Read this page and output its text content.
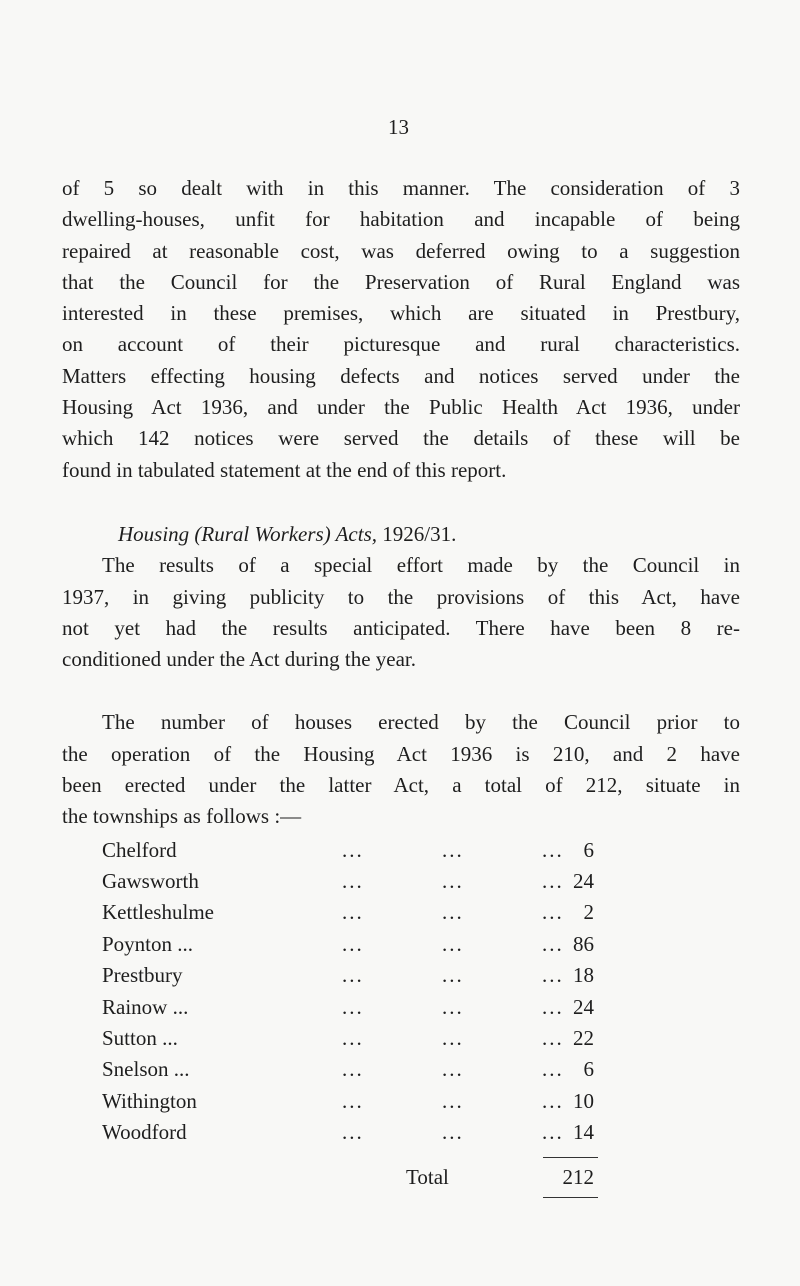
13
of 5 so dealt with in this manner. The consideration of 3
dwelling-houses, unfit for habitation and incapable of being
repaired at reasonable cost, was deferred owing to a suggestion
that the Council for the Preservation of Rural England was
interested in these premises, which are situated in Prestbury,
on account of their picturesque and rural characteristics.
Matters effecting housing defects and notices served under the
Housing Act 1936, and under the Public Health Act 1936, under
which 142 notices were served the details of these will be
found in tabulated statement at the end of this report.
Housing (Rural Workers) Acts, 1926/31.
The results of a special effort made by the Council in
1937, in giving publicity to the provisions of this Act, have
not yet had the results anticipated. There have been 8 re-
conditioned under the Act during the year.
The number of houses erected by the Council prior to
the operation of the Housing Act 1936 is 210, and 2 have
been erected under the latter Act, a total of 212, situate in
the townships as follows :—
Chelford	...	...	... 6
Gawsworth	...	...	... 24
Kettleshulme	...	...	... 2
Poynton ...	...	...	... 86
Prestbury	...	...	... 18
Rainow ...	...	...	... 24
Sutton ...	...	...	... 22
Snelson ...	...	...	... 6
Withington	...	...	... 10
Woodford	...	...	... 14
Total	212
